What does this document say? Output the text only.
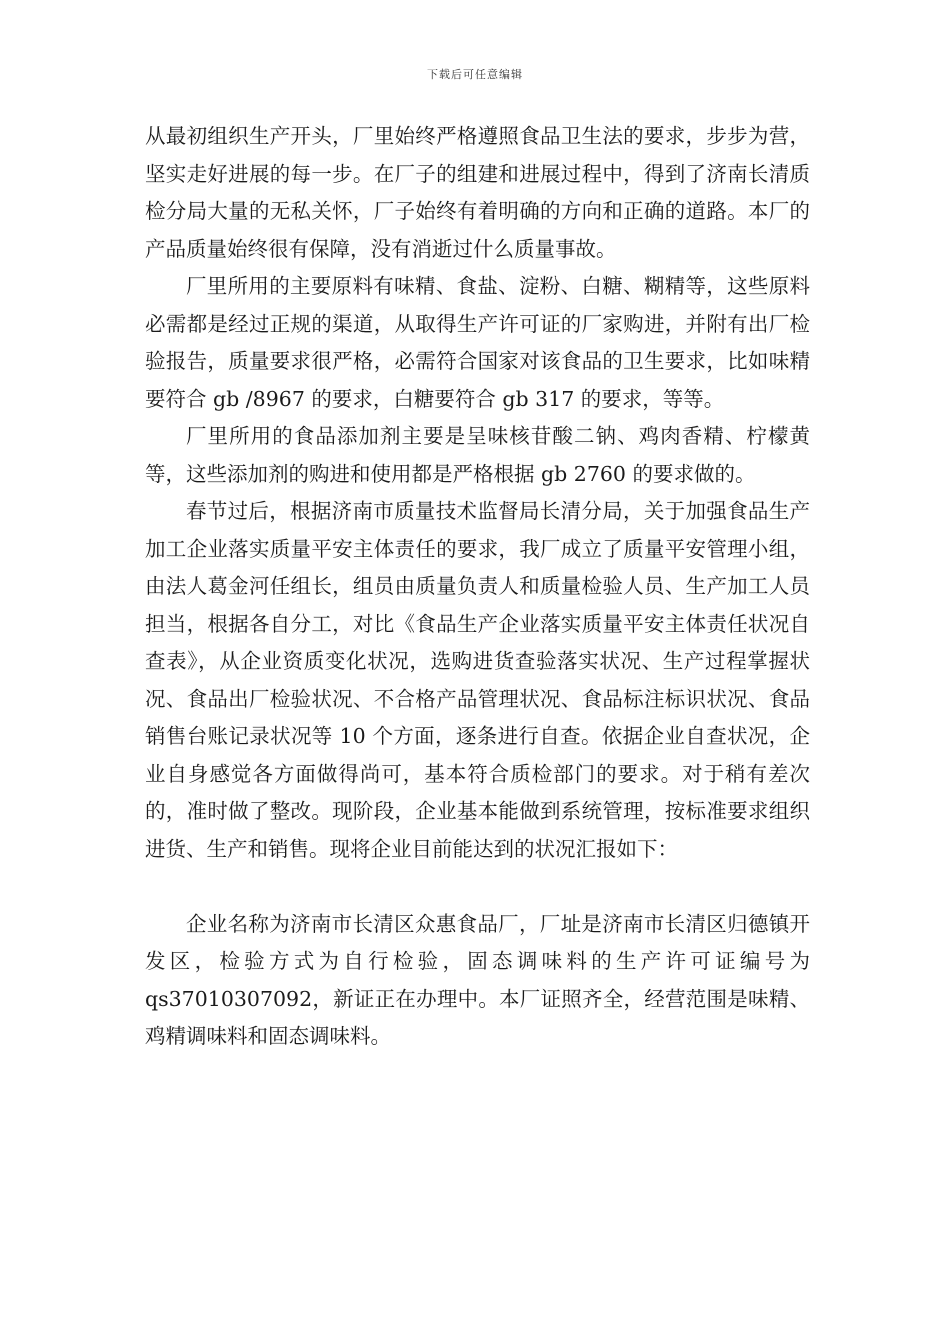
下载后可任意编辑

从最初组织生产开头，厂里始终严格遵照食品卫生法的要求，步步为营，坚实走好进展的每一步。在厂子的组建和进展过程中，得到了济南长清质检分局大量的无私关怀，厂子始终有着明确的方向和正确的道路。本厂的产品质量始终很有保障，没有消逝过什么质量事故。

厂里所用的主要原料有味精、食盐、淀粉、白糖、糊精等，这些原料必需都是经过正规的渠道，从取得生产许可证的厂家购进，并附有出厂检验报告，质量要求很严格，必需符合国家对该食品的卫生要求，比如味精要符合 gb /8967 的要求，白糖要符合 gb 317 的要求，等等。

厂里所用的食品添加剂主要是呈味核苷酸二钠、鸡肉香精、柠檬黄等，这些添加剂的购进和使用都是严格根据 gb 2760 的要求做的。

春节过后，根据济南市质量技术监督局长清分局，关于加强食品生产加工企业落实质量平安主体责任的要求，我厂成立了质量平安管理小组，由法人葛金河任组长，组员由质量负责人和质量检验人员、生产加工人员担当，根据各自分工，对比《食品生产企业落实质量平安主体责任状况自查表》，从企业资质变化状况，选购进货查验落实状况、生产过程掌握状况、食品出厂检验状况、不合格产品管理状况、食品标注标识状况、食品销售台账记录状况等 10 个方面，逐条进行自查。依据企业自查状况，企业自身感觉各方面做得尚可，基本符合质检部门的要求。对于稍有差次的，准时做了整改。现阶段，企业基本能做到系统管理，按标准要求组织进货、生产和销售。现将企业目前能达到的状况汇报如下：

企业名称为济南市长清区众惠食品厂，厂址是济南市长清区归德镇开发区，检验方式为自行检验，固态调味料的生产许可证编号为 qs37010307092，新证正在办理中。本厂证照齐全，经营范围是味精、鸡精调味料和固态调味料。
